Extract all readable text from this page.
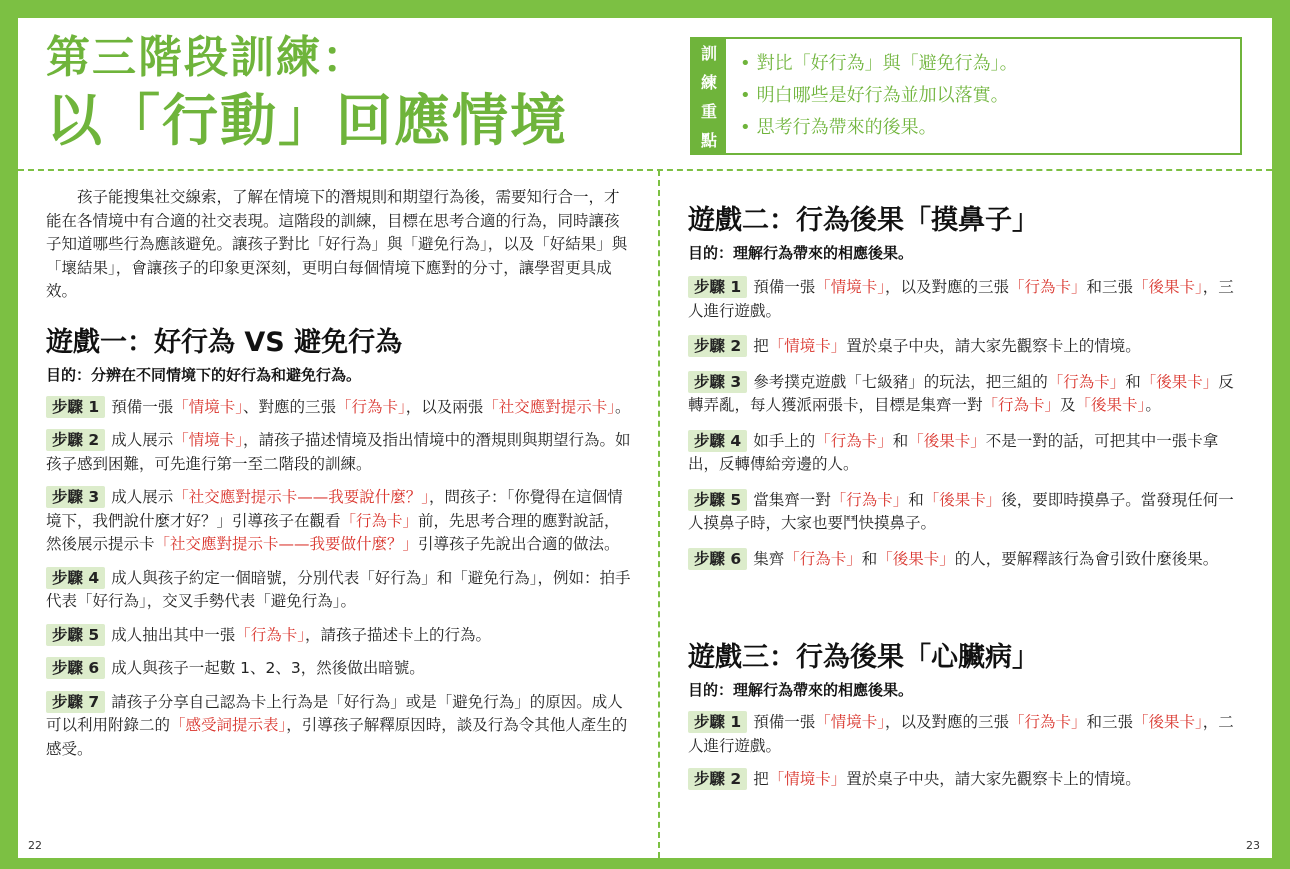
第三階段訓練：
以「行動」回應情境
訓
練
重
點
• 對比「好行為」與「避免行為」。
• 明白哪些是好行為並加以落實。
• 思考行為帶來的後果。

孩子能搜集社交線索，了解在情境下的潛規則和期望行為後，需要知行合一，才能在各情境中有合適的社交表現。這階段的訓練，目標在思考合適的行為，同時讓孩子知道哪些行為應該避免。讓孩子對比「好行為」與「避免行為」，以及「好結果」與「壞結果」，會讓孩子的印象更深刻，更明白每個情境下應對的分寸，讓學習更具成效。

遊戲一：好行為 VS 避免行為

目的：分辨在不同情境下的好行為和避免行為。

步驟 1 預備一張「情境卡」、對應的三張「行為卡」，以及兩張「社交應對提示卡」。

步驟 2 成人展示「情境卡」，請孩子描述情境及指出情境中的潛規則與期望行為。如孩子感到困難，可先進行第一至二階段的訓練。

步驟 3 成人展示「社交應對提示卡——我要說什麼？」，問孩子：「你覺得在這個情境下，我們說什麼才好？」引導孩子在觀看「行為卡」前，先思考合理的應對說話，然後展示提示卡「社交應對提示卡——我要做什麼？」引導孩子先說出合適的做法。

步驟 4 成人與孩子約定一個暗號，分別代表「好行為」和「避免行為」，例如：拍手代表「好行為」，交叉手勢代表「避免行為」。

步驟 5 成人抽出其中一張「行為卡」，請孩子描述卡上的行為。

步驟 6 成人與孩子一起數 1、2、3，然後做出暗號。

步驟 7 請孩子分享自己認為卡上行為是「好行為」或是「避免行為」的原因。成人可以利用附錄二的「感受詞提示表」，引導孩子解釋原因時，談及行為令其他人產生的感受。

遊戲二：行為後果「摸鼻子」

目的：理解行為帶來的相應後果。

步驟 1 預備一張「情境卡」，以及對應的三張「行為卡」和三張「後果卡」，三人進行遊戲。

步驟 2 把「情境卡」置於桌子中央，請大家先觀察卡上的情境。

步驟 3 參考撲克遊戲「七級豬」的玩法，把三組的「行為卡」和「後果卡」反轉弄亂，每人獲派兩張卡，目標是集齊一對「行為卡」及「後果卡」。

步驟 4 如手上的「行為卡」和「後果卡」不是一對的話，可把其中一張卡拿出，反轉傳給旁邊的人。

步驟 5 當集齊一對「行為卡」和「後果卡」後，要即時摸鼻子。當發現任何一人摸鼻子時，大家也要鬥快摸鼻子。

步驟 6 集齊「行為卡」和「後果卡」的人，要解釋該行為會引致什麼後果。

遊戲三：行為後果「心臟病」

目的：理解行為帶來的相應後果。

步驟 1 預備一張「情境卡」，以及對應的三張「行為卡」和三張「後果卡」，二人進行遊戲。

步驟 2 把「情境卡」置於桌子中央，請大家先觀察卡上的情境。

22	23
